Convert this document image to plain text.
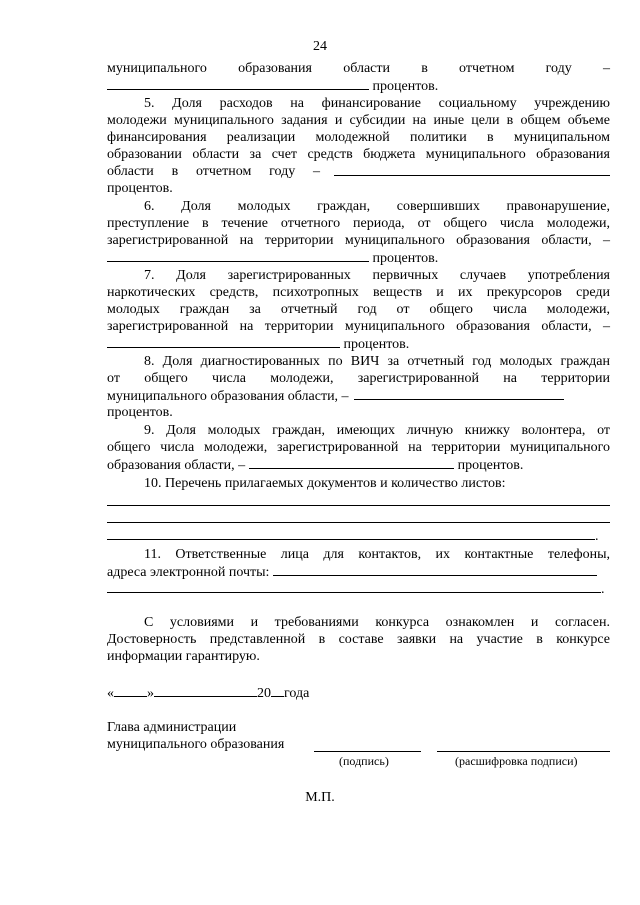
24
муниципального образования области в отчетном году –
процентов.
5. Доля расходов на финансирование социальному учреждению
молодежи муниципального задания и субсидии на иные цели в общем объеме
финансирования реализации молодежной политики в муниципальном
образовании области за счет средств бюджета муниципального образования
области в отчетном году –
процентов.
6. Доля молодых граждан, совершивших правонарушение,
преступление в течение отчетного периода, от общего числа молодежи,
зарегистрированной на территории муниципального образования области, –
процентов.
7. Доля зарегистрированных первичных случаев употребления
наркотических средств, психотропных веществ и их прекурсоров среди
молодых граждан за отчетный год от общего числа молодежи,
зарегистрированной на территории муниципального образования области, –
процентов.
8. Доля диагностированных по ВИЧ за отчетный год молодых граждан
от общего числа молодежи, зарегистрированной на территории
муниципального образования области, –
процентов.
9. Доля молодых граждан, имеющих личную книжку волонтера, от
общего числа молодежи, зарегистрированной на территории муниципального
образования области, –	процентов.
10. Перечень прилагаемых документов и количество листов:
.
11. Ответственные лица для контактов, их контактные телефоны,
адреса электронной почты:
.
С условиями и требованиями конкурса ознакомлен и согласен.
Достоверность представленной в составе заявки на участие в конкурсе
информации гарантирую.
« »	20 года
Глава администрации
муниципального образования
(подпись)	(расшифровка подписи)
М.П.
